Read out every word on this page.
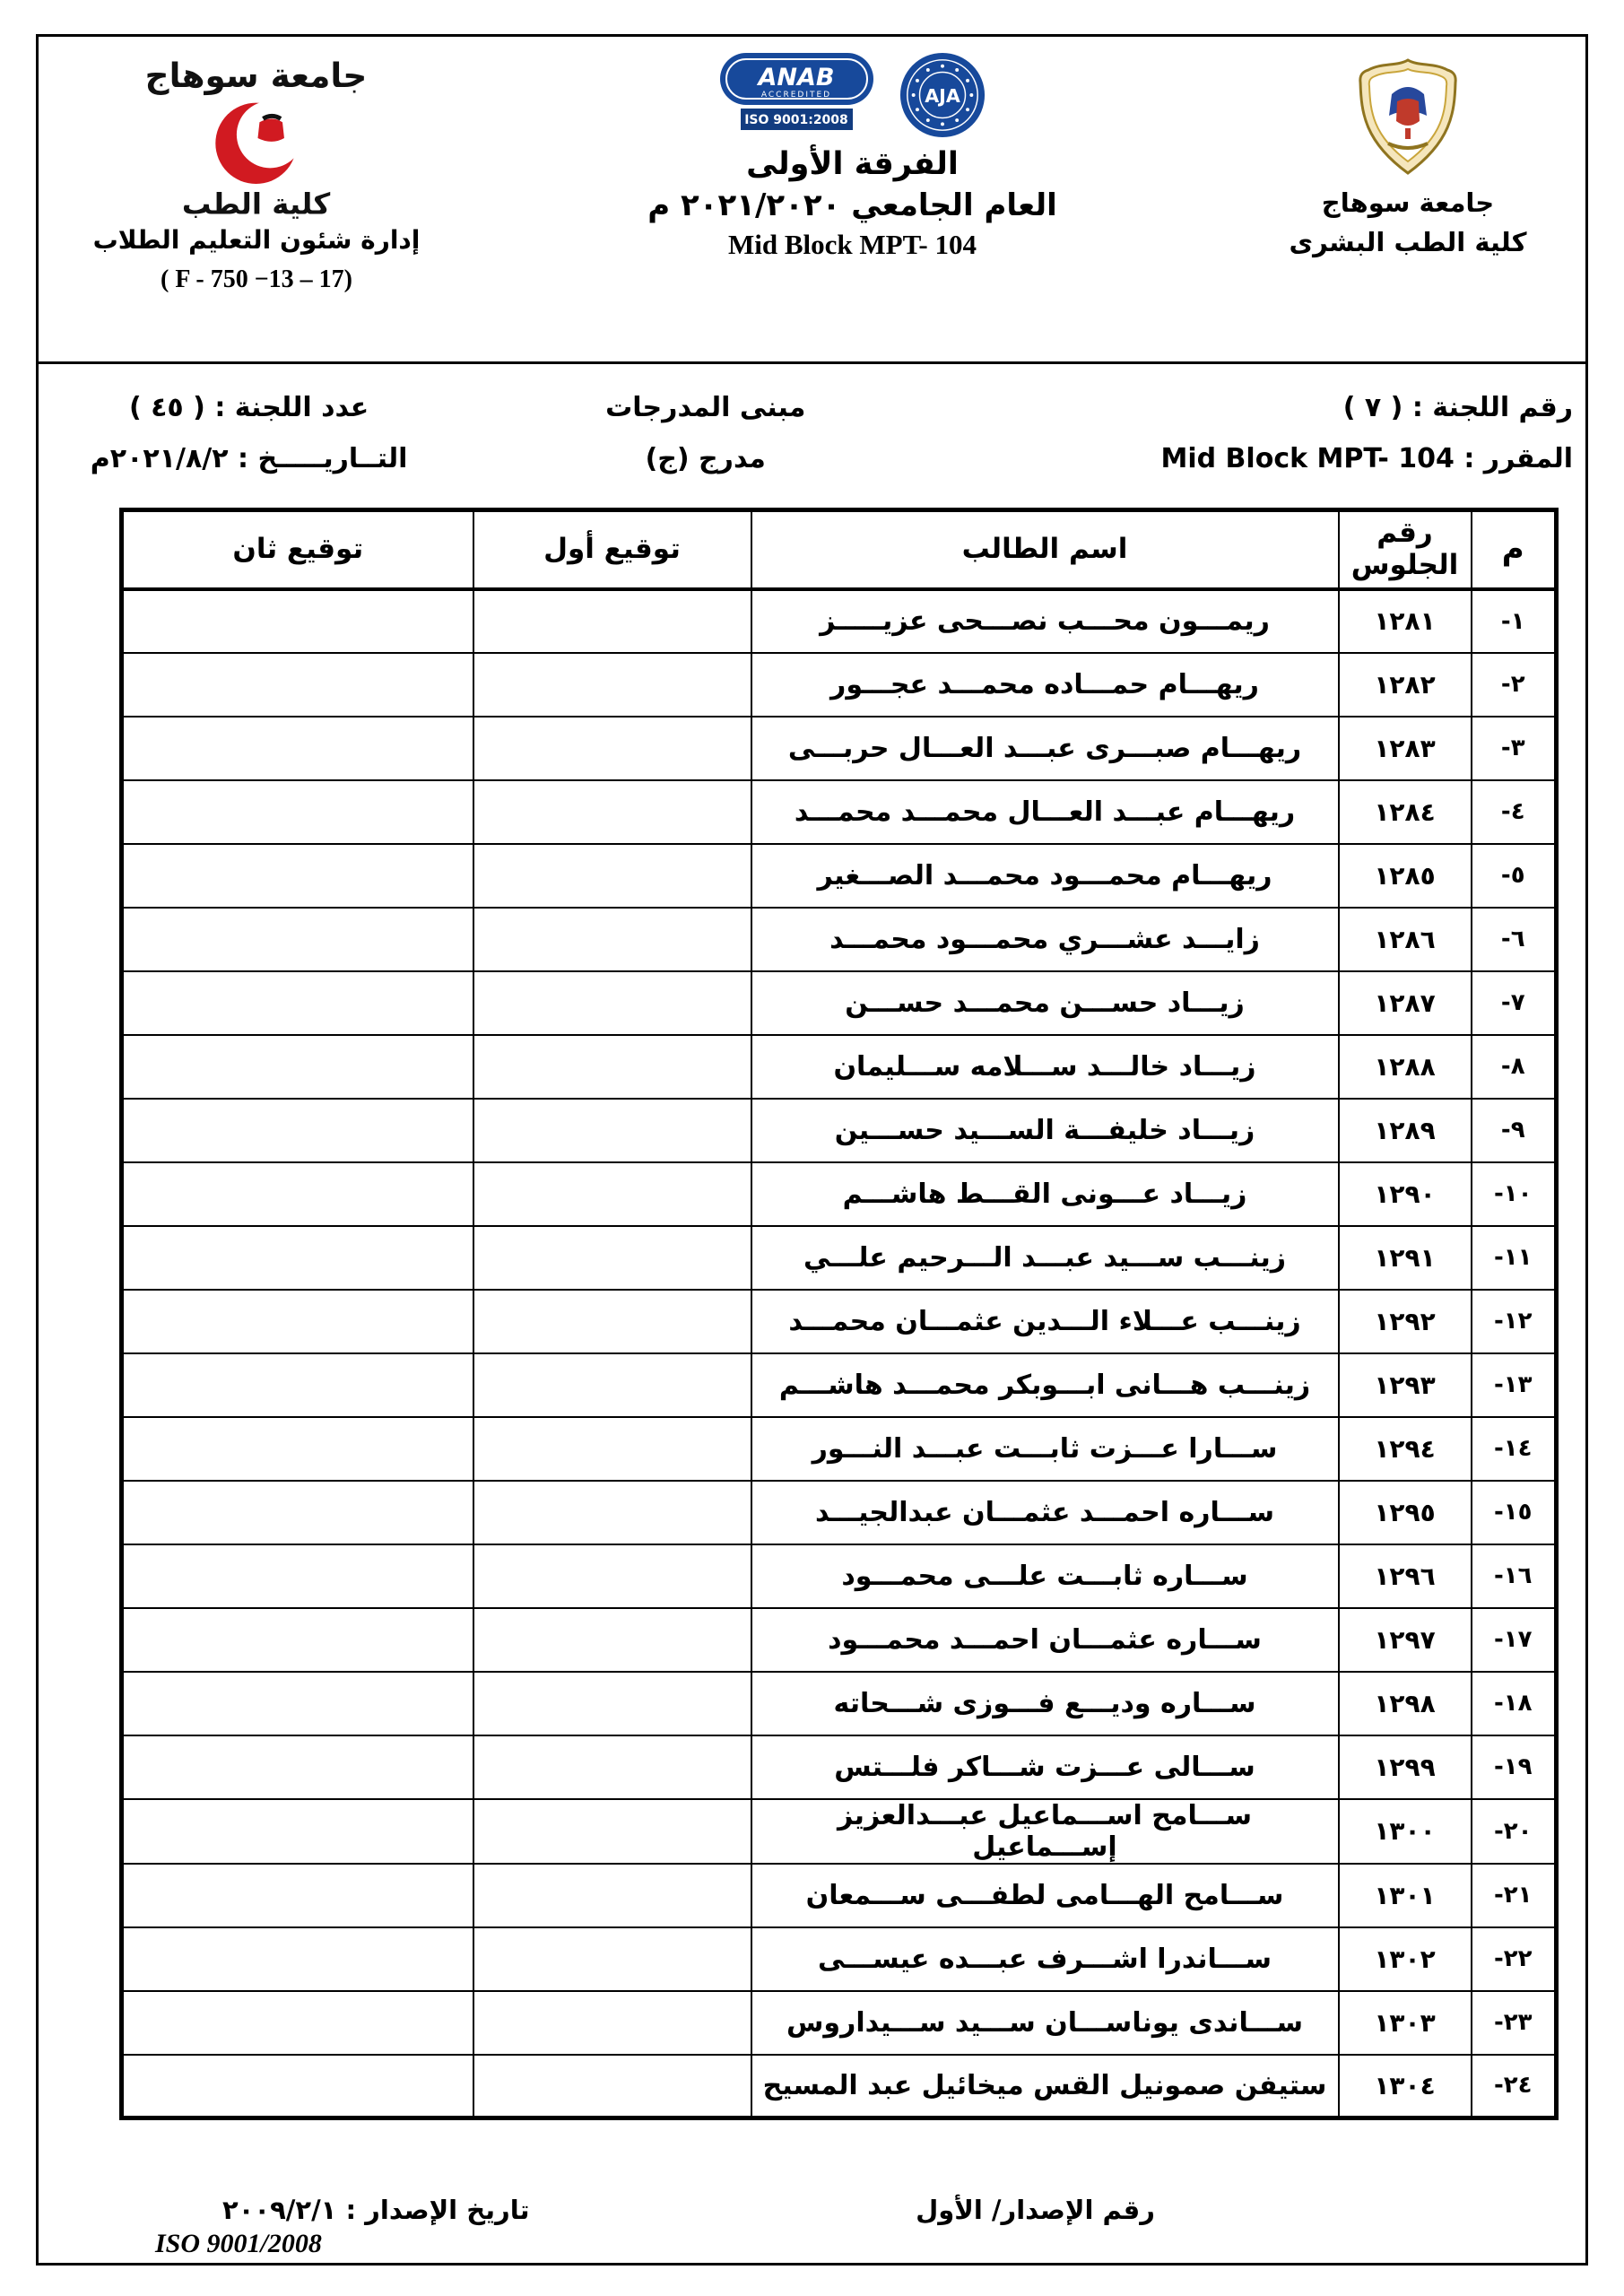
جامعة سوهاج
كلية الطب البشرى
ANAB
ACCREDITED
ISO 9001:2008
AJA
الفرقة الأولى
العام الجامعي ٢٠٢١/٢٠٢٠ م
Mid Block MPT- 104
جامعة سوهاج
كلية الطب
إدارة شئون التعليم الطلاب
( F - 750 −13 – 17)
رقم اللجنة : ( ٧ )
المقرر : Mid Block MPT- 104
مبنى المدرجات
مدرج (ج)
عدد اللجنة : ( ٤٥ )
التــاريـــــخ : ٢٠٢١/٨/٢م
م	رقم الجلوس	اسم الطالب	توقيع أول	توقيع ثان
١-	١٢٨١	ريمـــون محـــب نصـــحى عزيـــــز		
٢-	١٢٨٢	ريهـــام حمـــاده محمـــد عجـــور		
٣-	١٢٨٣	ريهـــام صبـــرى عبـــد العـــال حربـــى		
٤-	١٢٨٤	ريهـــام عبـــد العـــال محمـــد محمـــد		
٥-	١٢٨٥	ريهـــام محمـــود محمـــد الصـــغير		
٦-	١٢٨٦	زايـــد عشـــري محمـــود محمـــد		
٧-	١٢٨٧	زيـــاد حســـن محمـــد حســـن		
٨-	١٢٨٨	زيـــاد خالـــد ســـلامه ســـليمان		
٩-	١٢٨٩	زيـــاد خليفـــة الســـيد حســـين		
١٠-	١٢٩٠	زيـــاد عـــونى القـــط هاشـــم		
١١-	١٢٩١	زينـــب ســـيد عبـــد الـــرحيم علـــي		
١٢-	١٢٩٢	زينـــب عـــلاء الـــدين عثمـــان محمـــد		
١٣-	١٢٩٣	زينـــب هـــانى ابـــوبكر محمـــد هاشـــم		
١٤-	١٢٩٤	ســـارا عـــزت ثابـــت عبـــد النـــور		
١٥-	١٢٩٥	ســـاره احمـــد عثمـــان عبدالجيـــد		
١٦-	١٢٩٦	ســـاره ثابـــت علـــى محمـــود		
١٧-	١٢٩٧	ســـاره عثمـــان احمـــد محمـــود		
١٨-	١٢٩٨	ســـاره وديـــع فـــوزى شـــحاته		
١٩-	١٢٩٩	ســـالى عـــزت شـــاكر فلـــتس		
٢٠-	١٣٠٠	ســـامح اســـماعيل عبـــدالعزيز إســـماعيل		
٢١-	١٣٠١	ســـامح الهـــامى لطفـــى ســـمعان		
٢٢-	١٣٠٢	ســـاندرا اشـــرف عبـــده عيســـى		
٢٣-	١٣٠٣	ســـاندى يوناســـان ســـيد ســـيداروس		
٢٤-	١٣٠٤	ستيفن صمونيل القس ميخائيل عبد المسيح		
رقم الإصدار/ الأول
تاريخ الإصدار : ٢٠٠٩/٢/١
ISO 9001/2008
